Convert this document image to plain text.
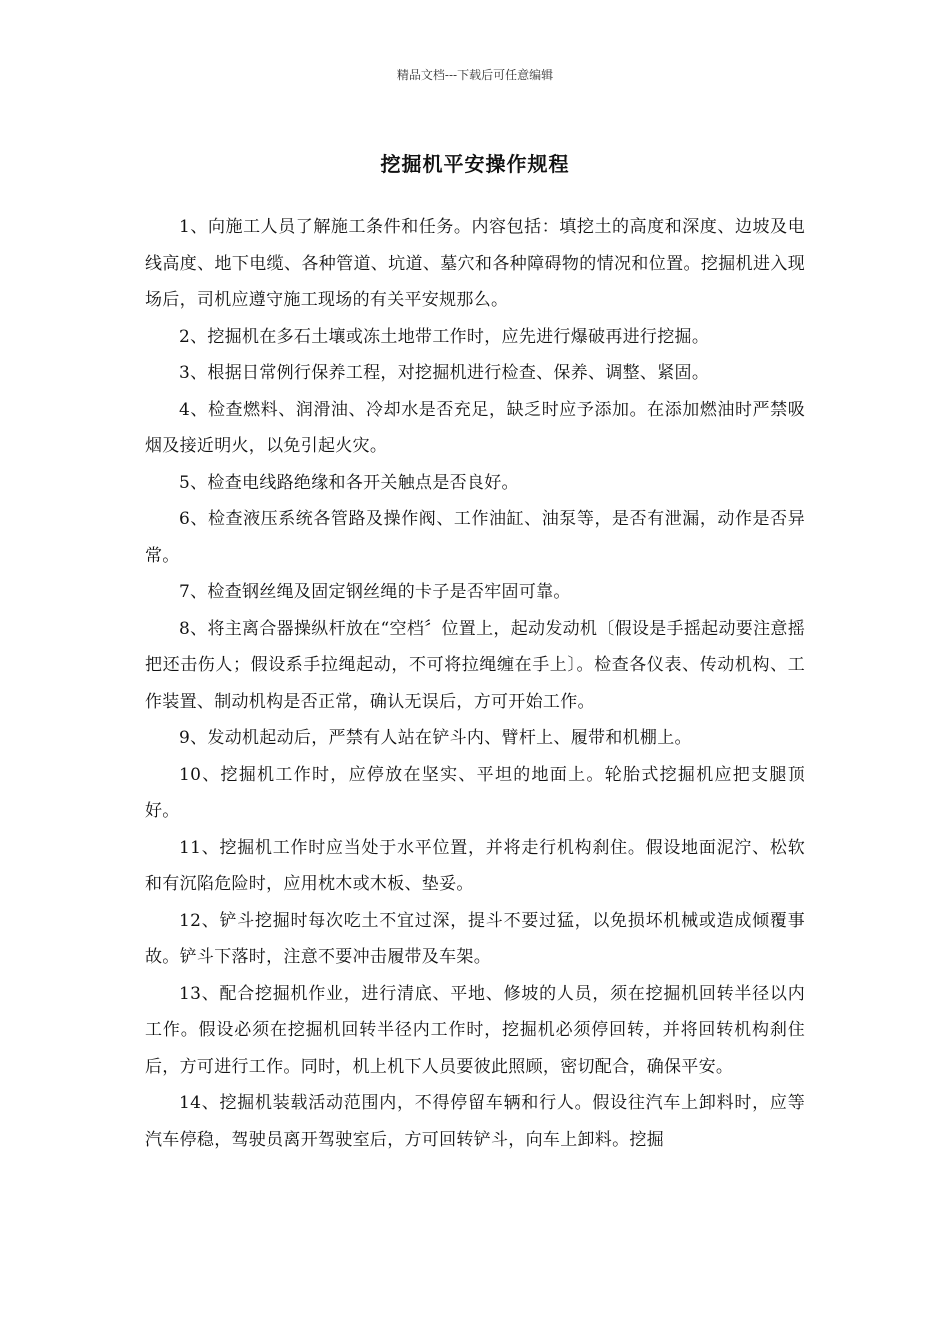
精品文档---下载后可任意编辑
挖掘机平安操作规程

1、向施工人员了解施工条件和任务。内容包括：填挖土的高度和深度、边坡及电线高度、地下电缆、各种管道、坑道、墓穴和各种障碍物的情况和位置。挖掘机进入现场后，司机应遵守施工现场的有关平安规那么。

2、挖掘机在多石土壤或冻土地带工作时，应先进行爆破再进行挖掘。

3、根据日常例行保养工程，对挖掘机进行检查、保养、调整、紧固。

4、检查燃料、润滑油、冷却水是否充足，缺乏时应予添加。在添加燃油时严禁吸烟及接近明火，以免引起火灾。

5、检查电线路绝缘和各开关触点是否良好。

6、检查液压系统各管路及操作阀、工作油缸、油泵等，是否有泄漏，动作是否异常。

7、检查钢丝绳及固定钢丝绳的卡子是否牢固可靠。

8、将主离合器操纵杆放在“空档〞位置上，起动发动机〔假设是手摇起动要注意摇把还击伤人；假设系手拉绳起动，不可将拉绳缠在手上〕。检查各仪表、传动机构、工作装置、制动机构是否正常，确认无误后，方可开始工作。

9、发动机起动后，严禁有人站在铲斗内、臂杆上、履带和机棚上。

10、挖掘机工作时，应停放在坚实、平坦的地面上。轮胎式挖掘机应把支腿顶好。

11、挖掘机工作时应当处于水平位置，并将走行机构刹住。假设地面泥泞、松软和有沉陷危险时，应用枕木或木板、垫妥。

12、铲斗挖掘时每次吃土不宜过深，提斗不要过猛，以免损坏机械或造成倾覆事故。铲斗下落时，注意不要冲击履带及车架。

13、配合挖掘机作业，进行清底、平地、修坡的人员，须在挖掘机回转半径以内工作。假设必须在挖掘机回转半径内工作时，挖掘机必须停回转，并将回转机构刹住后，方可进行工作。同时，机上机下人员要彼此照顾，密切配合，确保平安。

14、挖掘机装载活动范围内，不得停留车辆和行人。假设往汽车上卸料时，应等汽车停稳，驾驶员离开驾驶室后，方可回转铲斗，向车上卸料。挖掘
